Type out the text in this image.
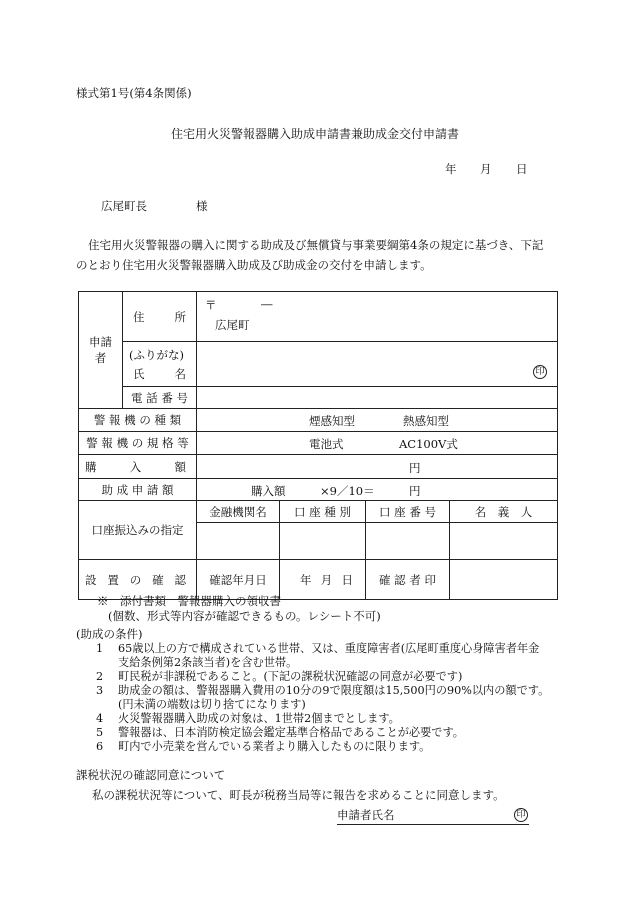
様式第1号(第4条関係)
住宅用火災警報器購入助成申請書兼助成金交付申請書
年 月 日
広尾町長	様
住宅用火災警報器の購入に関する助成及び無償貸与事業要綱第4条の規定に基づき、下記のとおり住宅用火災警報器購入助成及び助成金の交付を申請します。
申請者	住 所	〒 ―
広尾町			

	(ふりがな)
氏 名	印			

	電 話 番 号				
警 報 機 の 種 類		煙感知型 熱感知型			

警 報 機 の 規 格 等		電池式 AC100V式			

購 入 額		円			

助 成 申 請 額		購入額 ×9／10＝ 円			

口座振込みの指定		金融機関名	口 座 種 別	口 座 番 号	名　義　人

設 置 の 確 認		確認年月日	年 月 日	確 認 者 印	
※　添付書類　警報器購入の領収書
(個数、形式等内容が確認できるもの。レシート不可)
(助成の条件)
1 65歳以上の方で構成されている世帯、又は、重度障害者(広尾町重度心身障害者年金
支給条例第2条該当者)を含む世帯。
2 町民税が非課税であること。(下記の課税状況確認の同意が必要です)
3 助成金の額は、警報器購入費用の10分の9で限度額は15,500円の90%以内の額です。
(円未満の端数は切り捨てになります)
4 火災警報器購入助成の対象は、1世帯2個までとします。
5 警報器は、日本消防検定協会鑑定基準合格品であることが必要です。
6 町内で小売業を営んでいる業者より購入したものに限ります。
課税状況の確認同意について
私の課税状況等について、町長が税務当局等に報告を求めることに同意します。
申請者氏名	印
